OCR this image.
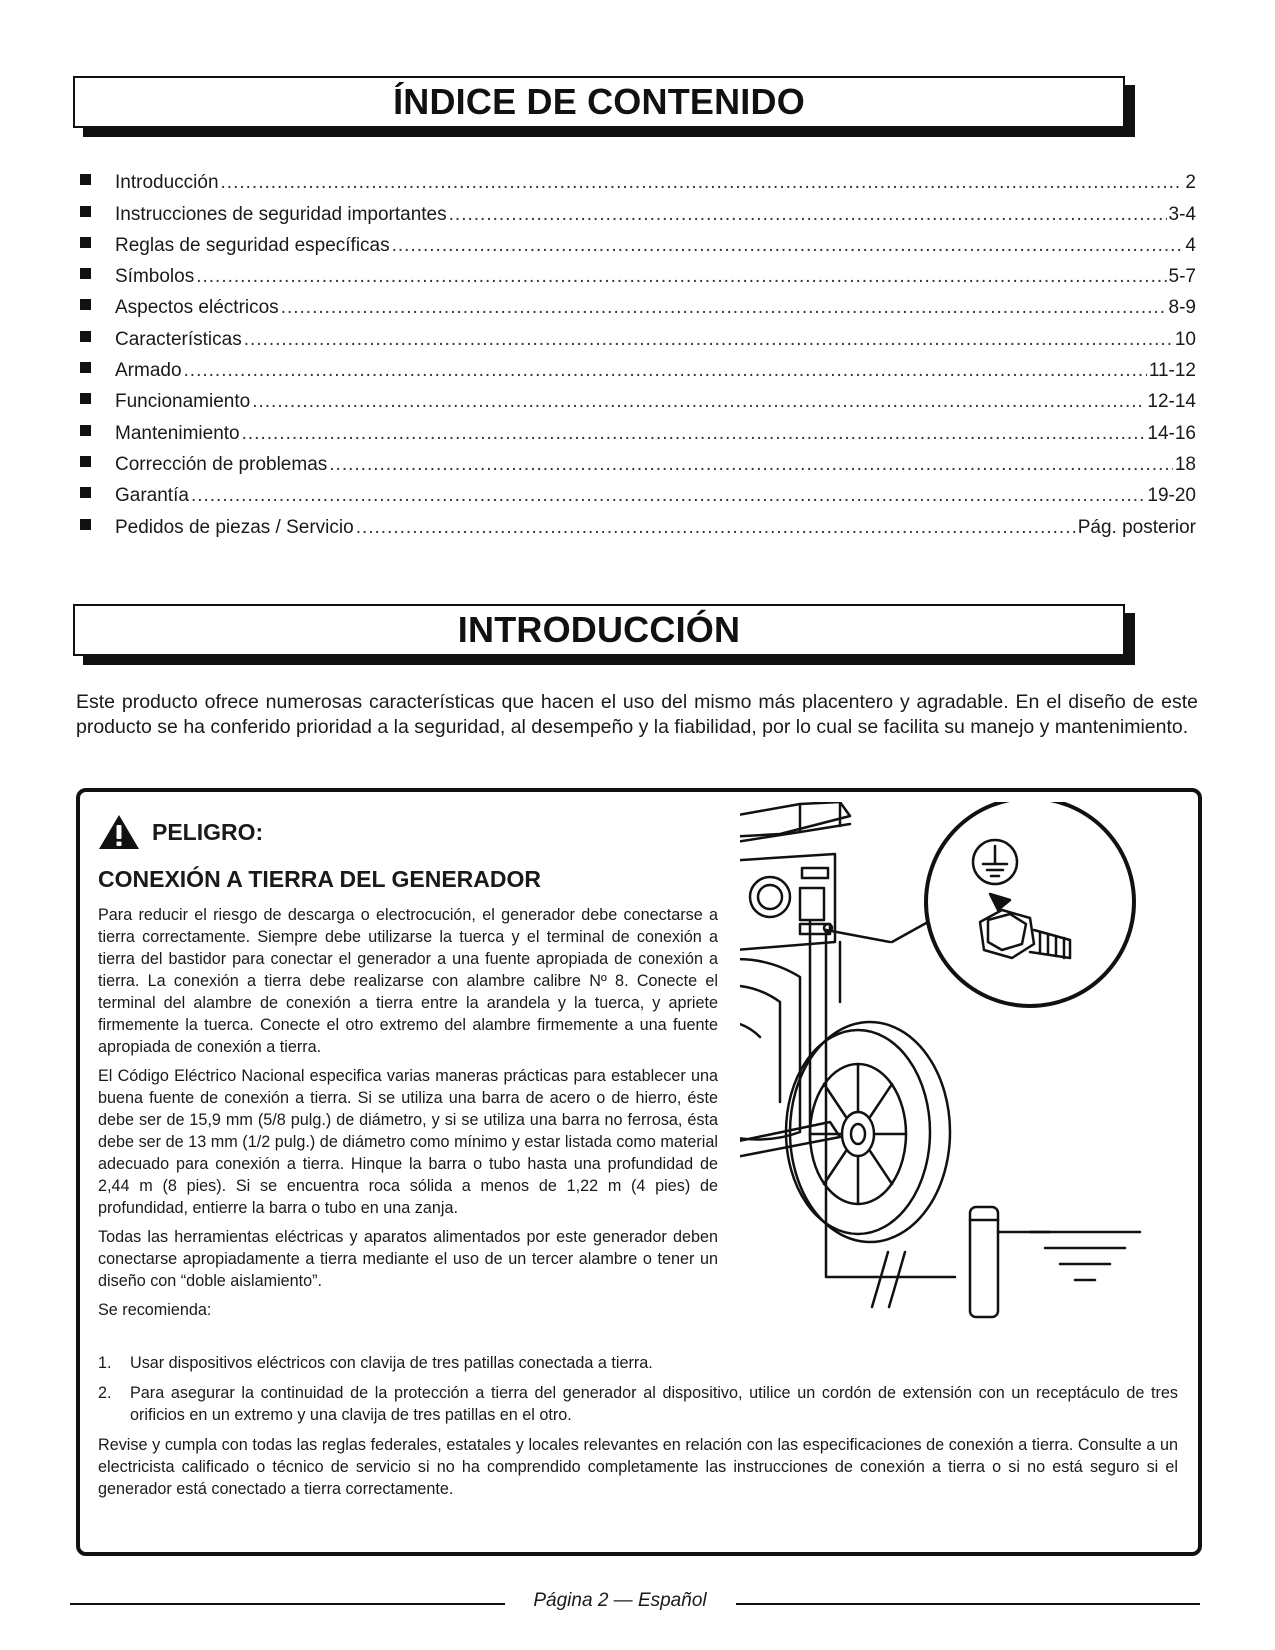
ÍNDICE DE CONTENIDO
Introducción .....	2
Instrucciones de seguridad importantes .....	3-4
Reglas de seguridad específicas .....	4
Símbolos .....	5-7
Aspectos eléctricos .....	8-9
Características .....	10
Armado .....	11-12
Funcionamiento .....	12-14
Mantenimiento .....	14-16
Corrección de problemas .....	18
Garantía .....	19-20
Pedidos de piezas / Servicio .....	Pág. posterior
INTRODUCCIÓN

Este producto ofrece numerosas características que hacen el uso del mismo más placentero y agradable. En el diseño de este producto se ha conferido prioridad a la seguridad, al desempeño y la fiabilidad, por lo cual se facilita su manejo y mantenimiento.

PELIGRO:
CONEXIÓN A TIERRA DEL GENERADOR

Para reducir el riesgo de descarga o electrocución, el generador debe conectarse a tierra correctamente. Siempre debe utilizarse la tuerca y el terminal de conexión a tierra del bastidor para conectar el generador a una fuente apropiada de conexión a tierra. La conexión a tierra debe realizarse con alambre calibre Nº 8. Conecte el terminal del alambre de conexión a tierra entre la arandela y la tuerca, y apriete firmemente la tuerca. Conecte el otro extremo del alambre firmemente a una fuente apropiada de conexión a tierra.

El Código Eléctrico Nacional especifica varias maneras prácticas para establecer una buena fuente de conexión a tierra. Si se utiliza una barra de acero o de hierro, éste debe ser de 15,9 mm (5/8 pulg.) de diámetro, y si se utiliza una barra no ferrosa, ésta debe ser de 13 mm (1/2 pulg.) de diámetro como mínimo y estar listada como material adecuado para conexión a tierra. Hinque la barra o tubo hasta una profundidad de 2,44 m (8 pies). Si se encuentra roca sólida a menos de 1,22 m (4 pies) de profundidad, entierre la barra o tubo en una zanja.

Todas las herramientas eléctricas y aparatos alimentados por este generador deben conectarse apropiadamente a tierra mediante el uso de un tercer alambre o tener un diseño con “doble aislamiento”.

Se recomienda:

1.	Usar dispositivos eléctricos con clavija de tres patillas conectada a tierra.
2.	Para asegurar la continuidad de la protección a tierra del generador al dispositivo, utilice un cordón de extensión con un receptáculo de tres orificios en un extremo y una clavija de tres patillas en el otro.

Revise y cumpla con todas las reglas federales, estatales y locales relevantes en relación con las especificaciones de conexión a tierra. Consulte a un electricista calificado o técnico de servicio si no ha comprendido completamente las instrucciones de conexión a tierra o si no está seguro si el generador está conectado a tierra correctamente.

Página 2 — Español
